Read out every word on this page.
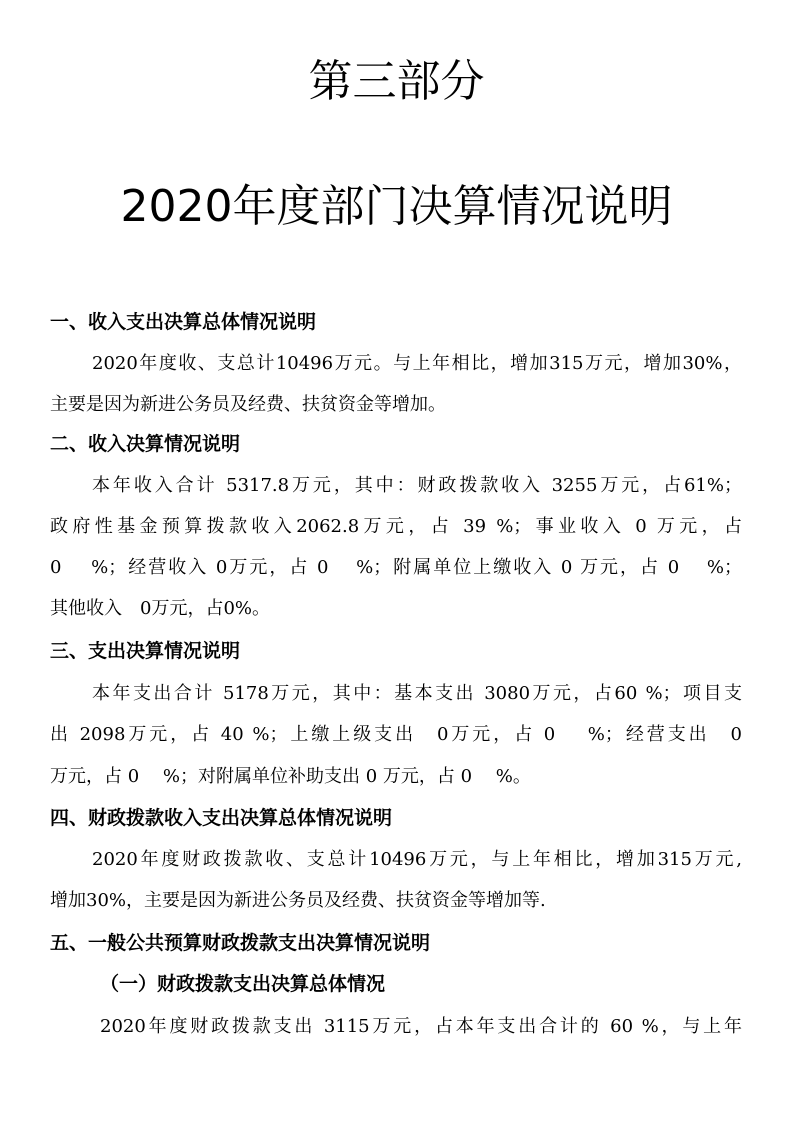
第三部分
2020年度部门决算情况说明
一、收入支出决算总体情况说明
2020年度收、支总计10496万元。与上年相比，增加315万元，增加30%，
主要是因为新进公务员及经费、扶贫资金等增加。
二、收入决算情况说明
本年收入合计 5317.8万元，其中：财政拨款收入 3255万元，占61%；
政府性基金预算拨款收入2062.8万元，占 39 %；事业收入 0 万元，占
0　 %；经营收入 0万元，占 0 　%；附属单位上缴收入 0 万元，占 0 　%；
其他收入　0万元，占0%。
三、支出决算情况说明
本年支出合计 5178万元，其中：基本支出 3080万元，占60 %；项目支
出 2098万元，占 40 %；上缴上级支出　0万元，占 0　 %；经营支出　0
万元，占 0　 %；对附属单位补助支出 0 万元，占 0　 %。
四、财政拨款收入支出决算总体情况说明
2020年度财政拨款收、支总计10496万元，与上年相比，增加315万元,
增加30%，主要是因为新进公务员及经费、扶贫资金等增加等.
五、一般公共预算财政拨款支出决算情况说明
（一）财政拨款支出决算总体情况
2020年度财政拨款支出 3115万元，占本年支出合计的 60 %，与上年
